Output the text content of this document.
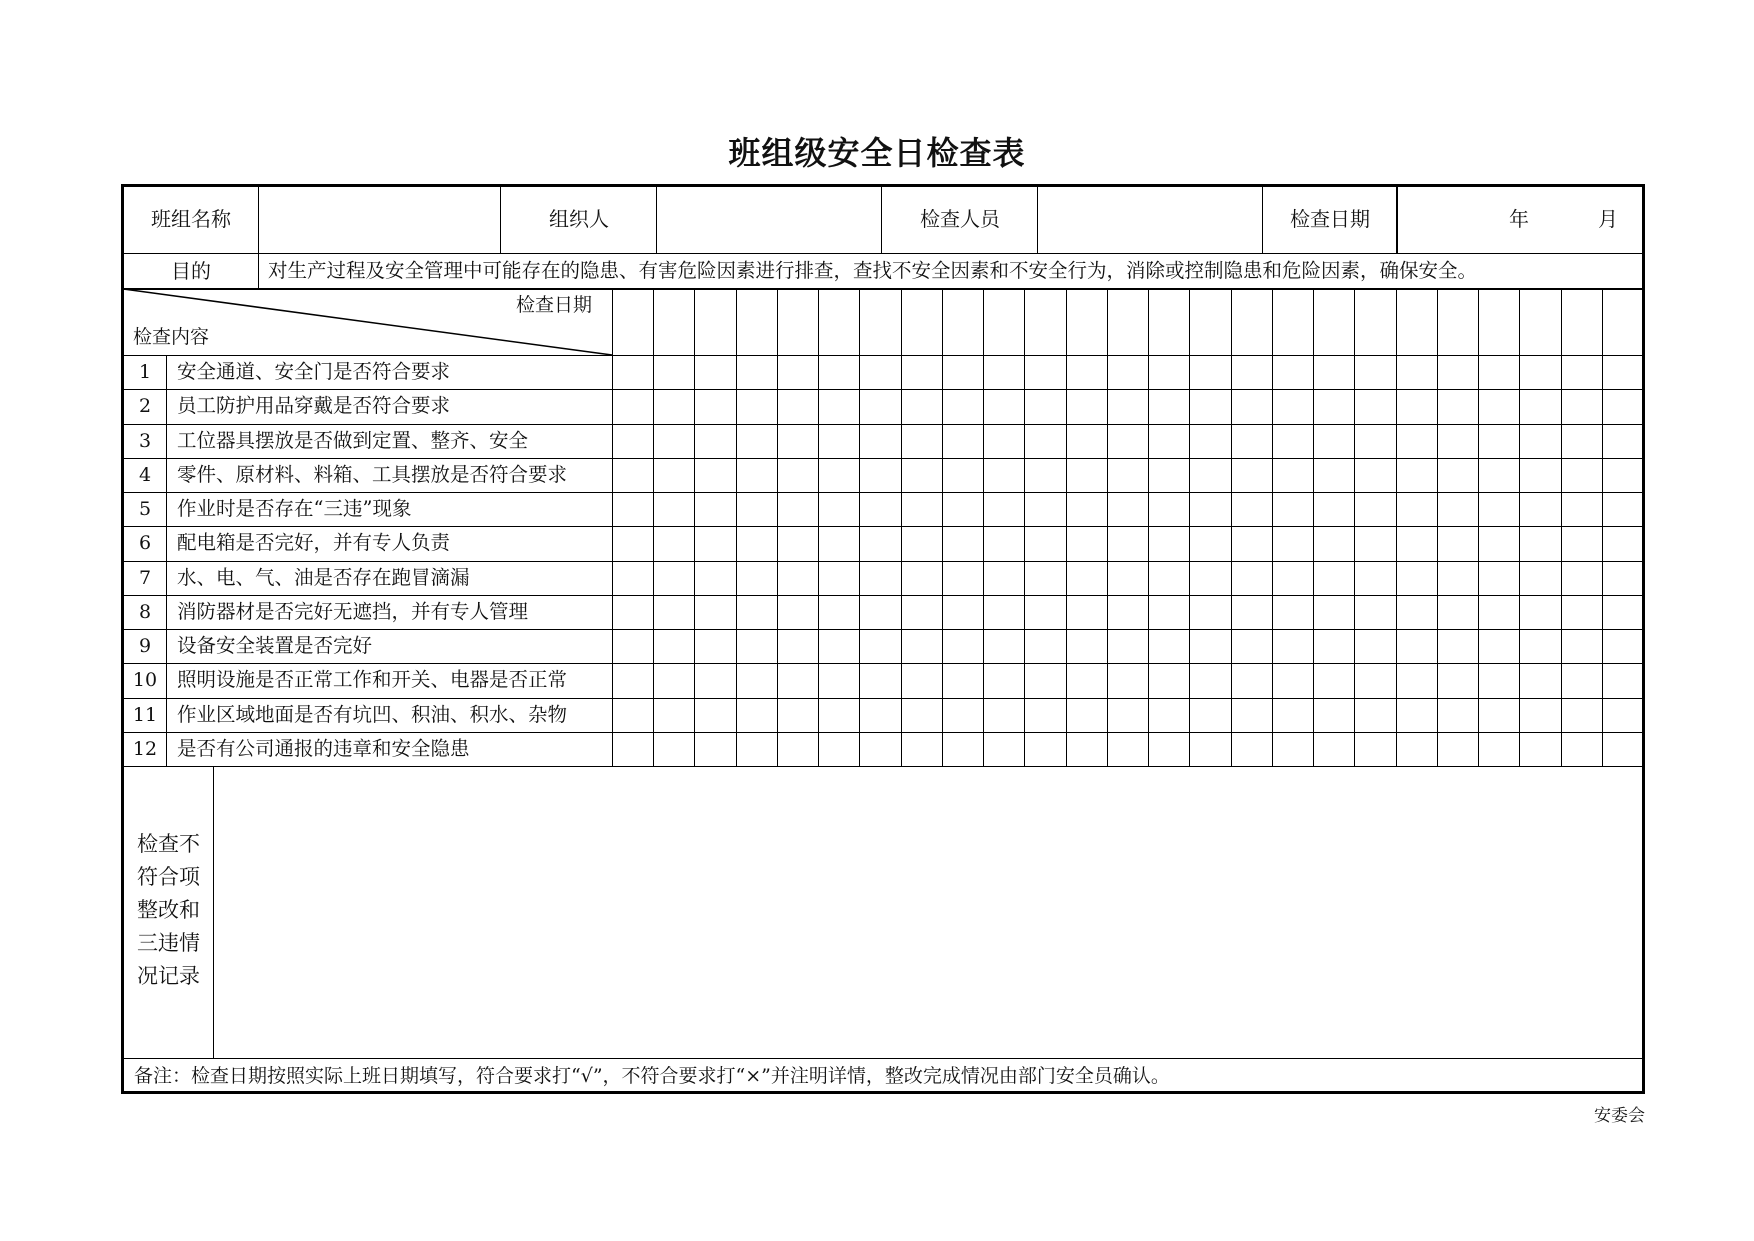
班组级安全日检查表
班组名称	组织人	检查人员	检查日期	年	月
目的	对生产过程及安全管理中可能存在的隐患、有害危险因素进行排查，查找不安全因素和不安全行为，消除或控制隐患和危险因素，确保安全。
检查日期
检查内容
1	安全通道、安全门是否符合要求
2	员工防护用品穿戴是否符合要求
3	工位器具摆放是否做到定置、整齐、安全
4	零件、原材料、料箱、工具摆放是否符合要求
5	作业时是否存在“三违”现象
6	配电箱是否完好，并有专人负责
7	水、电、气、油是否存在跑冒滴漏
8	消防器材是否完好无遮挡，并有专人管理
9	设备安全装置是否完好
10	照明设施是否正常工作和开关、电器是否正常
11	作业区域地面是否有坑凹、积油、积水、杂物
12	是否有公司通报的违章和安全隐患
检查不
符合项
整改和
三违情
况记录
备注：检查日期按照实际上班日期填写，符合要求打“√”，不符合要求打“×”并注明详情，整改完成情况由部门安全员确认。
安委会
